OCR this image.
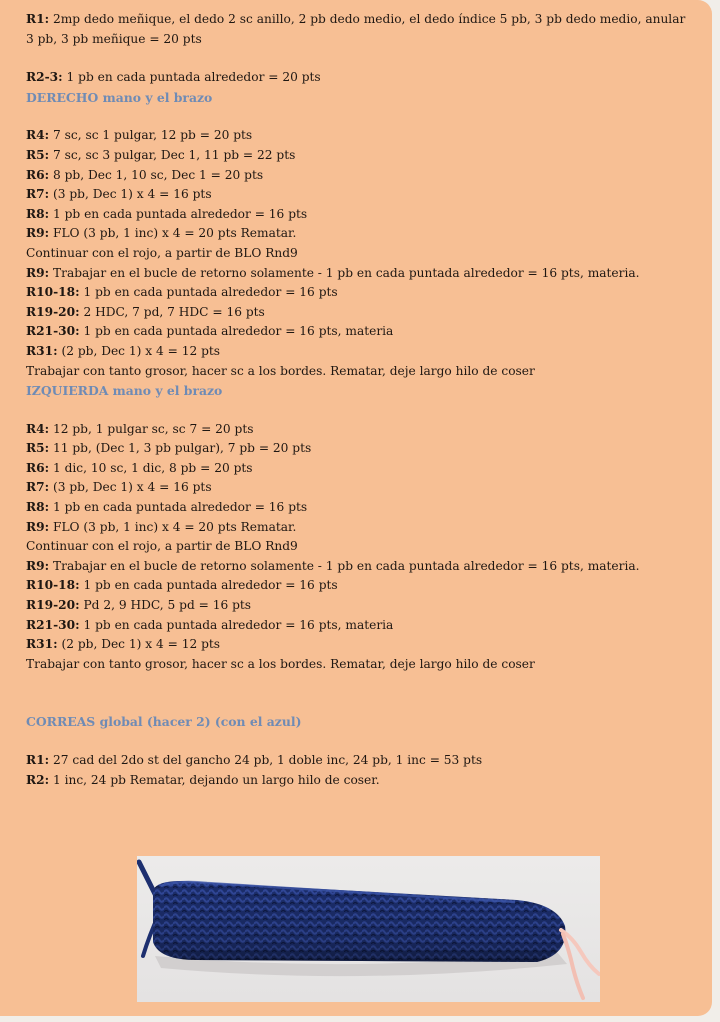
R1: 2mp dedo meñique, el dedo 2 sc anillo, 2 pb dedo medio, el dedo índice 5 pb, 3 pb dedo medio, anular 3 pb, 3 pb meñique = 20 pts

R2-3: 1 pb en cada puntada alrededor = 20 pts

DERECHO mano y el brazo

R4: 7 sc, sc 1 pulgar, 12 pb = 20 pts

R5: 7 sc, sc 3 pulgar, Dec 1, 11 pb = 22 pts

R6: 8 pb, Dec 1, 10 sc, Dec 1 = 20 pts

R7: (3 pb, Dec 1) x 4 = 16 pts

R8: 1 pb en cada puntada alrededor = 16 pts

R9: FLO (3 pb, 1 inc) x 4 = 20 pts Rematar.

Continuar con el rojo, a partir de BLO Rnd9

R9: Trabajar en el bucle de retorno solamente - 1 pb en cada puntada alrededor = 16 pts, materia.

R10-18: 1 pb en cada puntada alrededor = 16 pts

R19-20: 2 HDC, 7 pd, 7 HDC = 16 pts

R21-30: 1 pb en cada puntada alrededor = 16 pts, materia

R31: (2 pb, Dec 1) x 4 = 12 pts

Trabajar con tanto grosor, hacer sc a los bordes. Rematar, deje largo hilo de coser

IZQUIERDA mano y el brazo

R4: 12 pb, 1 pulgar sc, sc 7 = 20 pts

R5: 11 pb, (Dec 1, 3 pb pulgar), 7 pb = 20 pts

R6: 1 dic, 10 sc, 1 dic, 8 pb = 20 pts

R7: (3 pb, Dec 1) x 4 = 16 pts

R8: 1 pb en cada puntada alrededor = 16 pts

R9: FLO (3 pb, 1 inc) x 4 = 20 pts Rematar.

Continuar con el rojo, a partir de BLO Rnd9

R9: Trabajar en el bucle de retorno solamente - 1 pb en cada puntada alrededor = 16 pts, materia.

R10-18: 1 pb en cada puntada alrededor = 16 pts

R19-20: Pd 2, 9 HDC, 5 pd = 16 pts

R21-30: 1 pb en cada puntada alrededor = 16 pts, materia

R31: (2 pb, Dec 1) x 4 = 12 pts

Trabajar con tanto grosor, hacer sc a los bordes. Rematar, deje largo hilo de coser

CORREAS global (hacer 2) (con el azul)

R1: 27 cad del 2do st del gancho 24 pb, 1 doble inc, 24 pb, 1 inc = 53 pts

R2: 1 inc, 24 pb Rematar, dejando un largo hilo de coser.
